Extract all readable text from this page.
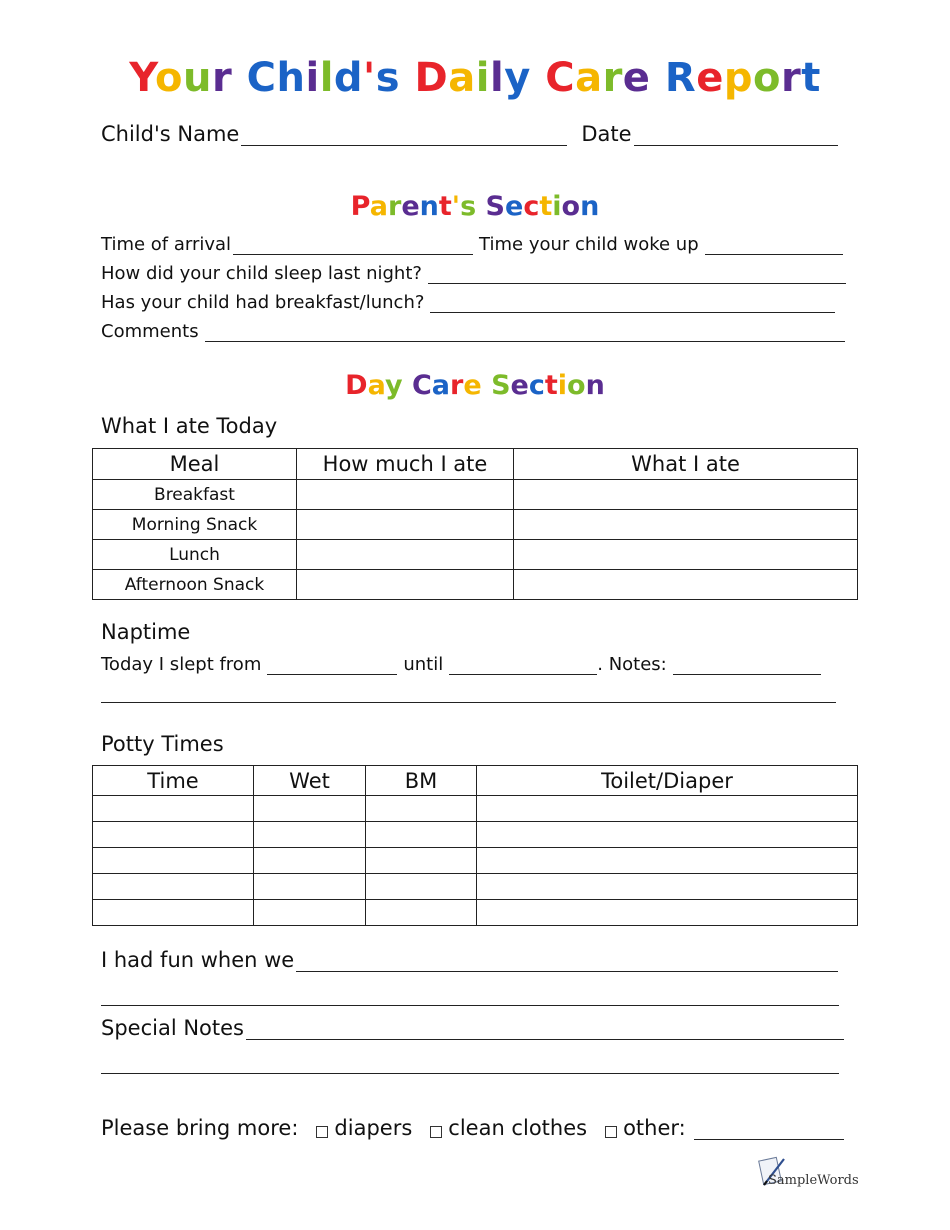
Your Child's Daily Care Report
Child's Name	Date
Parent's Section
Time of arrival	Time your child woke up
How did your child sleep last night?
Has your child had breakfast/lunch?
Comments
Day Care Section
What I ate Today
Meal	How much I ate	What I ate
Breakfast		
Morning Snack		
Lunch		
Afternoon Snack		
Naptime
Today I slept from	until	. Notes:
Potty Times
Time	Wet	BM	Toilet/Diaper

I had fun when we
Special Notes
Please bring more: diapers clean clothes other:
SampleWords
